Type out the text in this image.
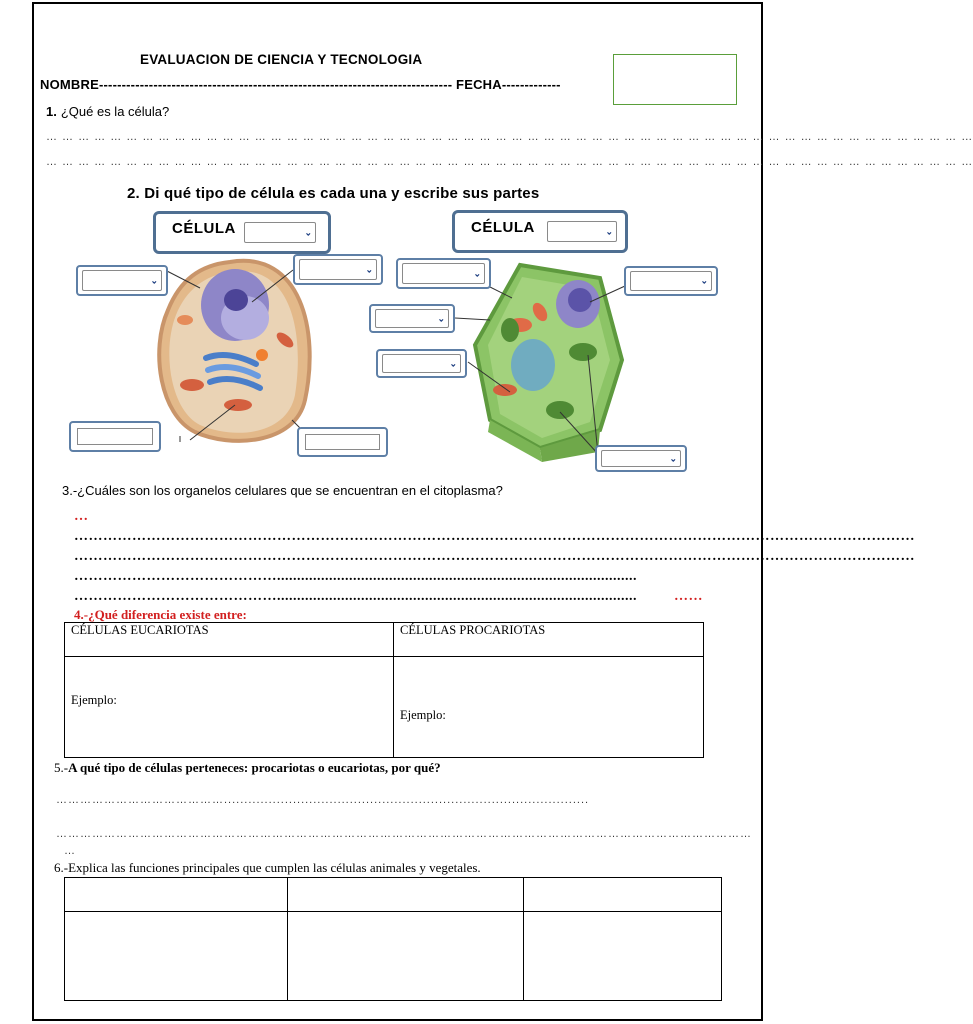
EVALUACION DE CIENCIA Y TECNOLOGIA
NOMBRE------------------------------------------------------------------------------ FECHA-------------
1. ¿Qué es la célula?
… … … … … … … … … … … … … … … … … … … … … … … … … … … … … … … … … … … … … … … … … … … … … … … … … … … … … … … … … …
… … … … … … … … … … … … … … … … … … … … … … … … … … … … … … … … … … … … … … … … … … … … … … … … … … … … … … … … … …
2. Di qué tipo de célula es cada una y escribe sus partes
CÉLULA	⌄	CÉLULA	⌄
⌄
⌄	⌄
⌄
⌄
⌄
⌄
3.-¿Cuáles son los organelos celulares que se encuentran en el citoplasma?
…
…………………………………………………………………………………………………………………………………………………………
…………………………………………………………………………………………………………………………………………………………
……………………………………..........................................................................................
……………………………………..........................................................................................	……
4.-¿Qué diferencia existe entre:
CÉLULAS EUCARIOTAS	CÉLULAS PROCARIOTAS
Ejemplo:	Ejemplo:
5.-A qué tipo de células perteneces: procariotas o eucariotas, por qué?
……………………………………..........................................................................................
…………………………………………………………………………………………………………………………………………………………
…
6.-Explica las funciones principales que cumplen las células animales y vegetales.
